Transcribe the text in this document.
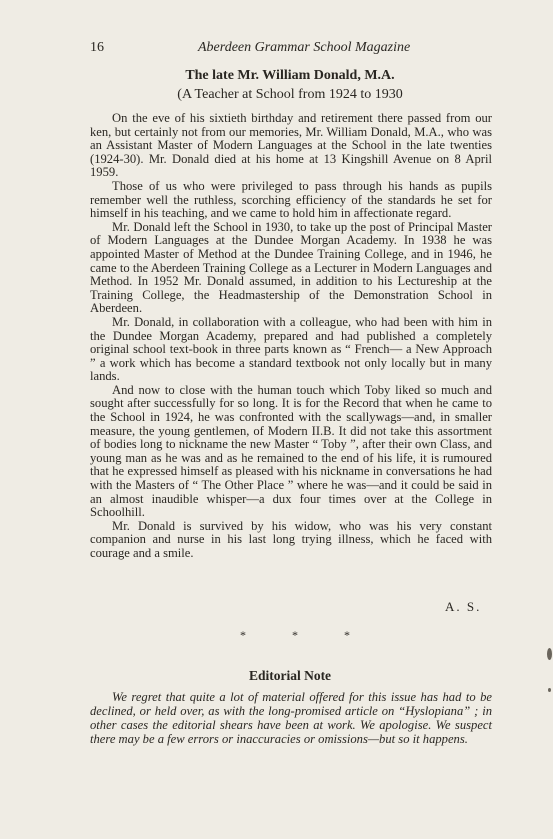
16	Aberdeen Grammar School Magazine
The late Mr. William Donald, M.A.
(A Teacher at School from 1924 to 1930

On the eve of his sixtieth birthday and retirement there passed from our ken, but certainly not from our memories, Mr. William Donald, M.A., who was an Assistant Master of Modern Languages at the School in the late twenties (1924-30). Mr. Donald died at his home at 13 Kingshill Avenue on 8 April 1959.

Those of us who were privileged to pass through his hands as pupils remember well the ruthless, scorching efficiency of the standards he set for himself in his teaching, and we came to hold him in affectionate regard.

Mr. Donald left the School in 1930, to take up the post of Principal Master of Modern Languages at the Dundee Morgan Academy. In 1938 he was appointed Master of Method at the Dundee Training College, and in 1946, he came to the Aberdeen Training College as a Lecturer in Modern Languages and Method. In 1952 Mr. Donald assumed, in addition to his Lectureship at the Training College, the Headmastership of the Demonstration School in Aberdeen.

Mr. Donald, in collaboration with a colleague, who had been with him in the Dundee Morgan Academy, prepared and had published a completely original school text-book in three parts known as “ French— a New Approach ” a work which has become a standard textbook not only locally but in many lands.

And now to close with the human touch which Toby liked so much and sought after successfully for so long. It is for the Record that when he came to the School in 1924, he was confronted with the scallywags—and, in smaller measure, the young gentlemen, of Modern II.B. It did not take this assortment of bodies long to nickname the new Master “ Toby ”, after their own Class, and young man as he was and as he remained to the end of his life, it is rumoured that he expressed himself as pleased with his nickname in conversations he had with the Masters of “ The Other Place ” where he was—and it could be said in an almost inaudible whisper—a dux four times over at the College in Schoolhill.

Mr. Donald is survived by his widow, who was his very constant companion and nurse in his last long trying illness, which he faced with courage and a smile.

A. S.
*	*	*
Editorial Note

We regret that quite a lot of material offered for this issue has had to be declined, or held over, as with the long-promised article on “Hyslopiana” ; in other cases the editorial shears have been at work. We apologise. We suspect there may be a few errors or inaccuracies or omissions—but so it happens.
